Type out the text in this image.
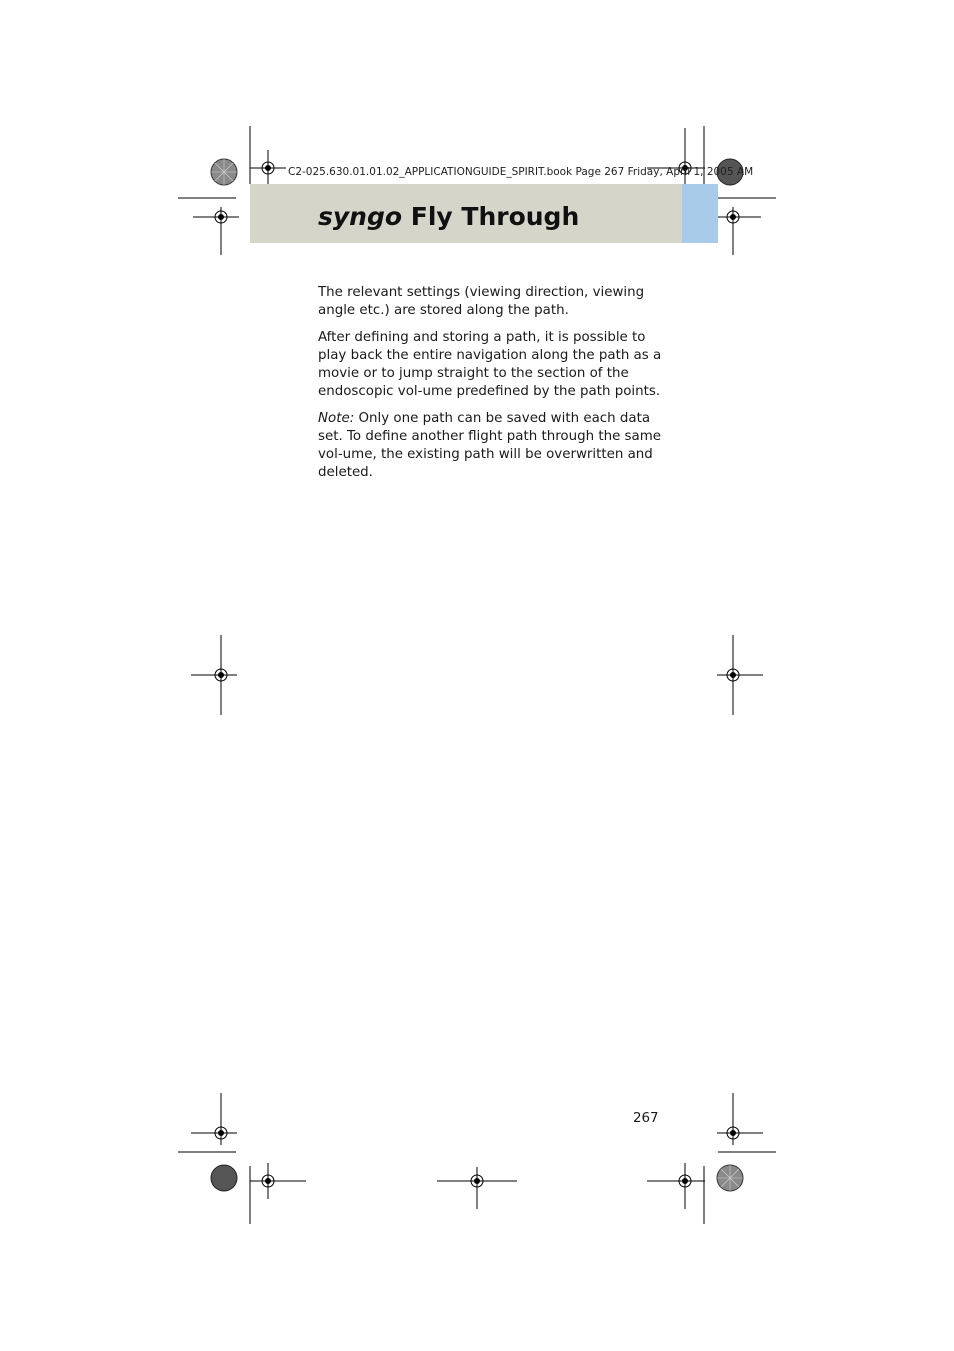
C2-025.630.01.01.02_APPLICATIONGUIDE_SPIRIT.book Page 267 Friday, April 1, 2005 AM
syngo Fly Through

The relevant settings (viewing direction, viewing angle etc.) are stored along the path.

After defining and storing a path, it is possible to play back the entire navigation along the path as a movie or to jump straight to the section of the endoscopic vol-ume predefined by the path points.

Note: Only one path can be saved with each data set. To define another flight path through the same vol-ume, the existing path will be overwritten and deleted.

267
